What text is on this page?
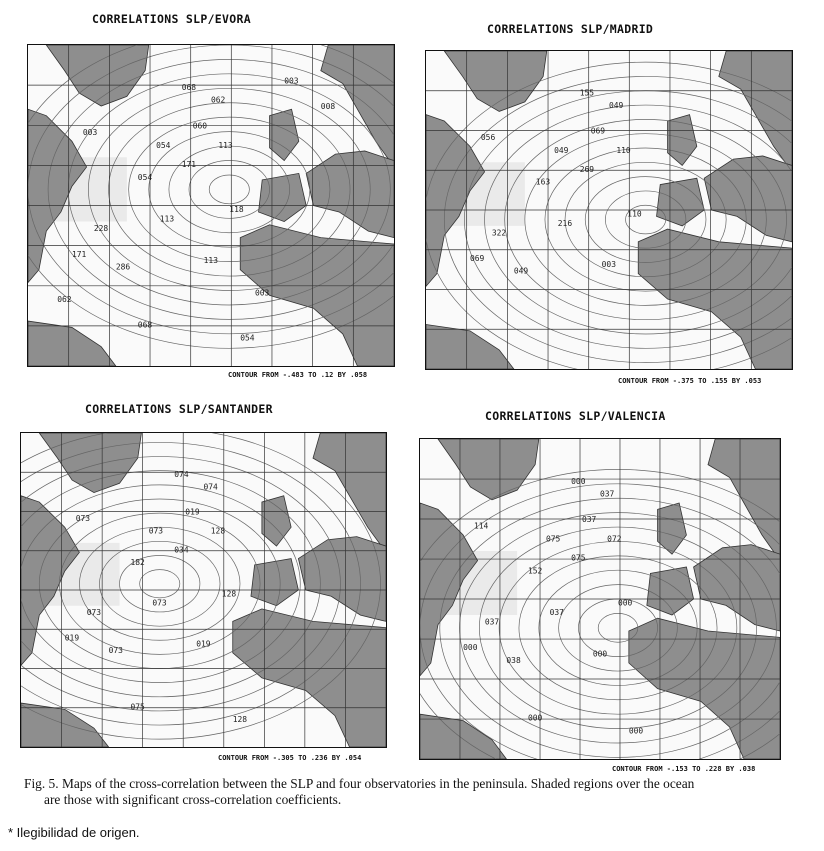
CORRELATIONS SLP/EVORA
068
062
054
003
060
113
054
171
228
113
118
171
286
113
068
054
003
008
003
062
CONTOUR FROM -.483 TO .12 BY .058
CORRELATIONS SLP/MADRID
155
049
049
056
069
110
163
269
322
216
110
069
049
003
CONTOUR FROM -.375 TO .155 BY .053
CORRELATIONS SLP/SANTANDER
074
074
073
073
019
128
182
034
073
073
128
019
073
019
075
128
CONTOUR FROM -.305 TO .236 BY .054
CORRELATIONS SLP/VALENCIA
000
037
075
114
037
072
152
075
037
037
000
000
038
000
000
000
CONTOUR FROM -.153 TO .228 BY .038
Fig. 5. Maps of the cross-correlation between the SLP and four observatories in the peninsula. Shaded regions over the ocean
are those with significant cross-correlation coefficients.
* Ilegibilidad de origen.
